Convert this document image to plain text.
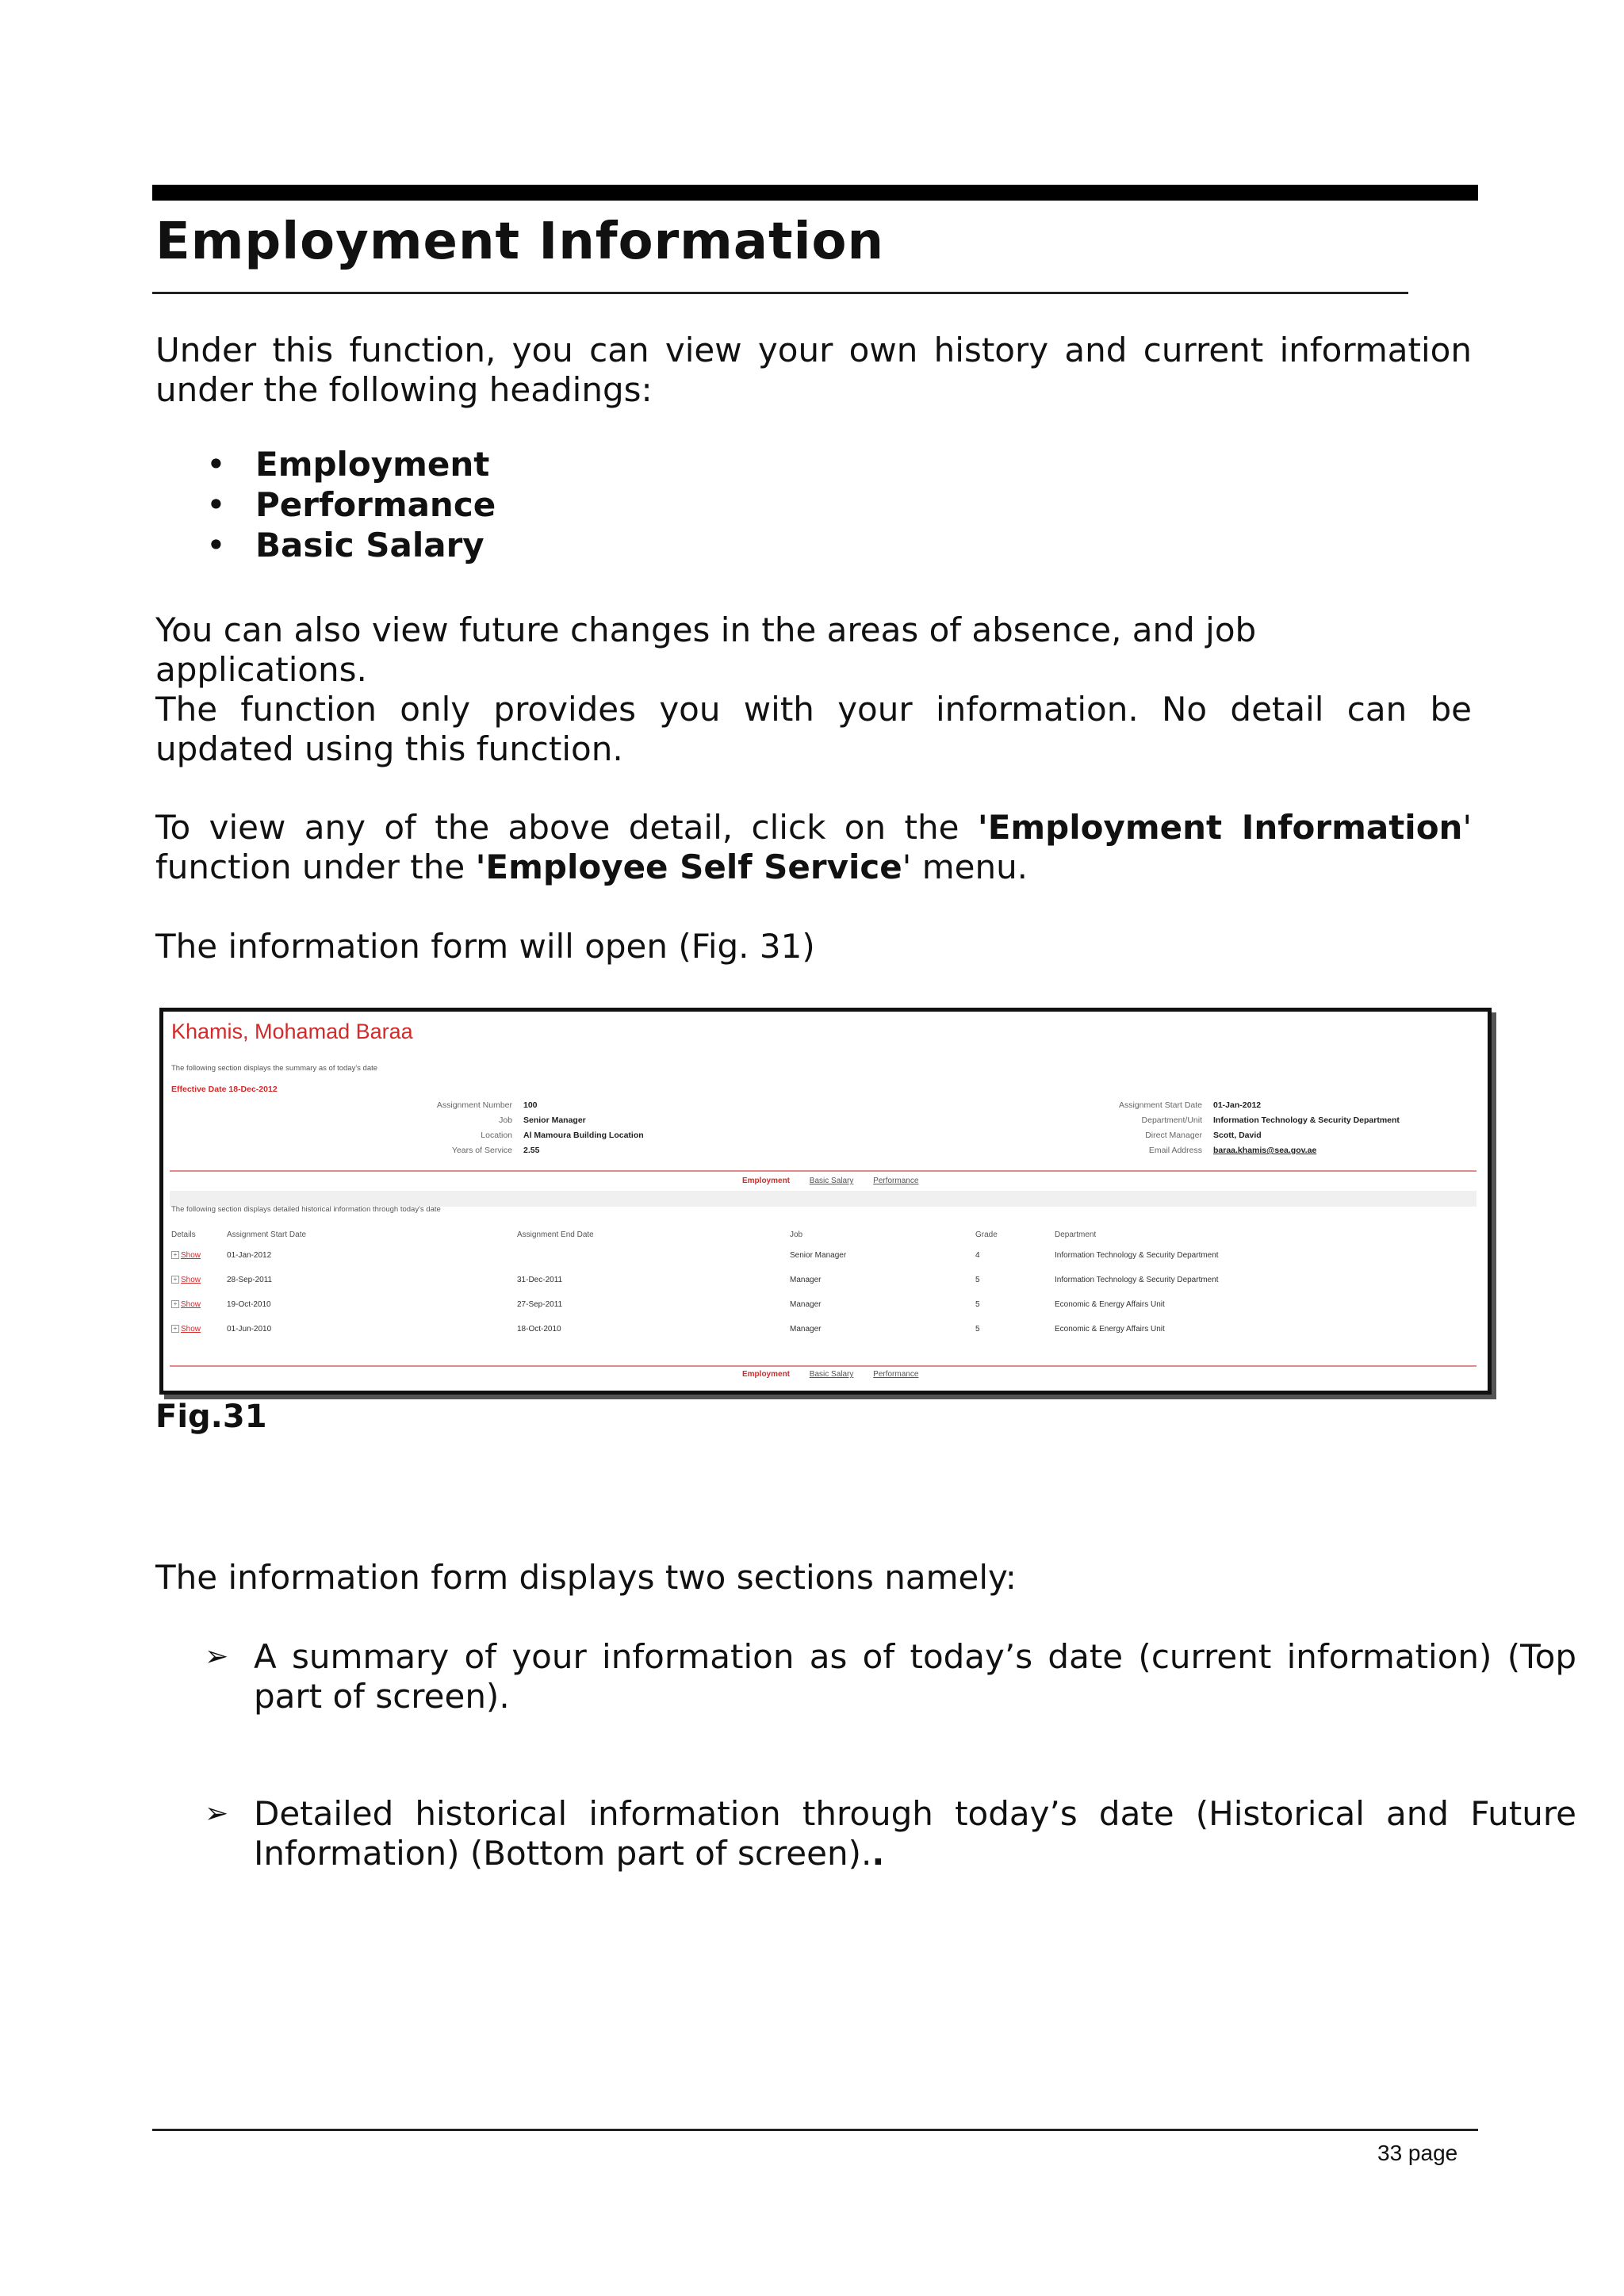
Employment Information
Under this function, you can view your own history and current information under the following headings:
• Employment
• Performance
• Basic Salary
You can also view future changes in the areas of absence, and job applications.
The function only provides you with your information. No detail can be updated using this function.
To view any of the above detail, click on the 'Employment Information' function under the 'Employee Self Service' menu.
The information form will open (Fig. 31)
Khamis, Mohamad Baraa
The following section displays the summary as of today's date
Effective Date 18-Dec-2012
Assignment Number 100
Job Senior Manager
Location Al Mamoura Building Location
Years of Service 2.55
Assignment Start Date 01-Jan-2012
Department/Unit Information Technology & Security Department
Direct Manager Scott, David
Email Address baraa.khamis@sea.gov.ae
Employment Basic Salary Performance
The following section displays detailed historical information through today's date
Details	Assignment Start Date	Assignment End Date	Job	Grade	Department
+ Show	01-Jan-2012		Senior Manager	4	Information Technology & Security Department
+ Show	28-Sep-2011	31-Dec-2011	Manager	5	Information Technology & Security Department
+ Show	19-Oct-2010	27-Sep-2011	Manager	5	Economic & Energy Affairs Unit
+ Show	01-Jun-2010	18-Oct-2010	Manager	5	Economic & Energy Affairs Unit
Employment Basic Salary Performance
Fig.31
The information form displays two sections namely:
➢ A summary of your information as of today’s date (current information) (Top part of screen).
➢ Detailed historical information through today’s date (Historical and Future Information) (Bottom part of screen)..
33 page
